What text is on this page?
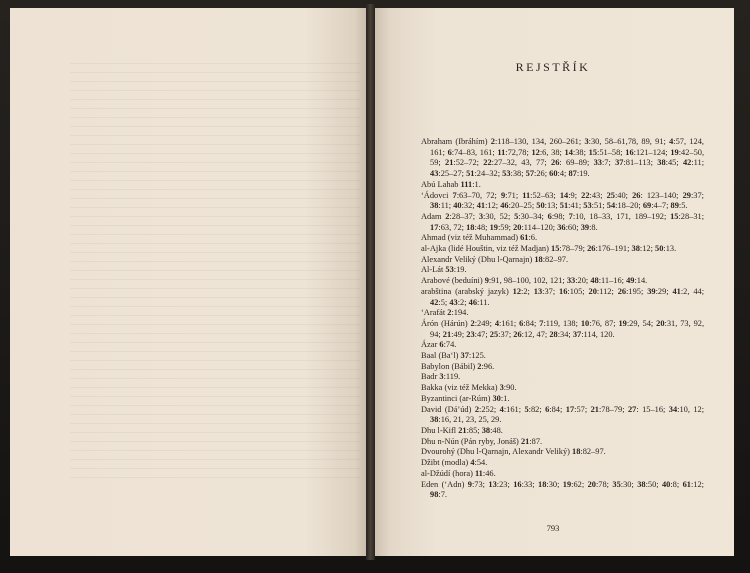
REJSTŘÍK
Abraham (Ibráhím) 2:118–130, 134, 260–261; 3:30, 58–61,78, 89, 91; 4:57, 124, 161; 6:74–83, 161; 11:72,78; 12:6, 38; 14:38; 15:51–58; 16:121–124; 19:42–50, 59; 21:52–72; 22:27–32, 43, 77; 26: 69–89; 33:7; 37:81–113; 38:45; 42:11; 43:25–27; 51:24–32; 53:38; 57:26; 60:4; 87:19.
Abú Lahab 111:1.
‘Ádovci 7:63–70, 72; 9:71; 11:52–63; 14:9; 22:43; 25:40; 26: 123–140; 29:37; 38:11; 40:32; 41:12; 46:20–25; 50:13; 51:41; 53:51; 54:18–20; 69:4–7; 89:5.
Adam 2:28–37; 3:30, 52; 5:30–34; 6:98; 7:10, 18–33, 171, 189–192; 15:28–31; 17:63, 72; 18:48; 19:59; 20:114–120; 36:60; 39:8.
Ahmad (viz též Muhammad) 61:6.
al-Ajka (lidé Houštin, viz též Madjan) 15:78–79; 26:176–191; 38:12; 50:13.
Alexandr Veliký (Dhu l-Qarnajn) 18:82–97.
Al-Lát 53:19.
Arabové (beduíni) 9:91, 98–100, 102, 121; 33:20; 48:11–16; 49:14.
arabština (arabský jazyk) 12:2; 13:37; 16:105; 20:112; 26:195; 39:29; 41:2, 44; 42:5; 43:2; 46:11.
‘Arafát 2:194.
Árón (Hárún) 2:249; 4:161; 6:84; 7:119, 138; 10:76, 87; 19:29, 54; 20:31, 73, 92, 94; 21:49; 23:47; 25:37; 26:12, 47; 28:34; 37:114, 120.
Ázar 6:74.
Baal (Ba‘l) 37:125.
Babylon (Bábil) 2:96.
Badr 3:119.
Bakka (viz též Mekka) 3:90.
Byzantinci (ar-Rúm) 30:1.
David (Dá’úd) 2:252; 4:161; 5:82; 6:84; 17:57; 21:78–79; 27: 15–16; 34:10, 12; 38:16, 21, 23, 25, 29.
Dhu l-Kifl 21:85; 38:48.
Dhu n-Nún (Pán ryby, Jonáš) 21:87.
Dvourohý (Dhu l-Qarnajn, Alexandr Veliký) 18:82–97.
Džibt (modla) 4:54.
al-Džúdí (hora) 11:46.
Eden (‘Adn) 9:73; 13:23; 16:33; 18:30; 19:62; 20:78; 35:30; 38:50; 40:8; 61:12; 98:7.
793
